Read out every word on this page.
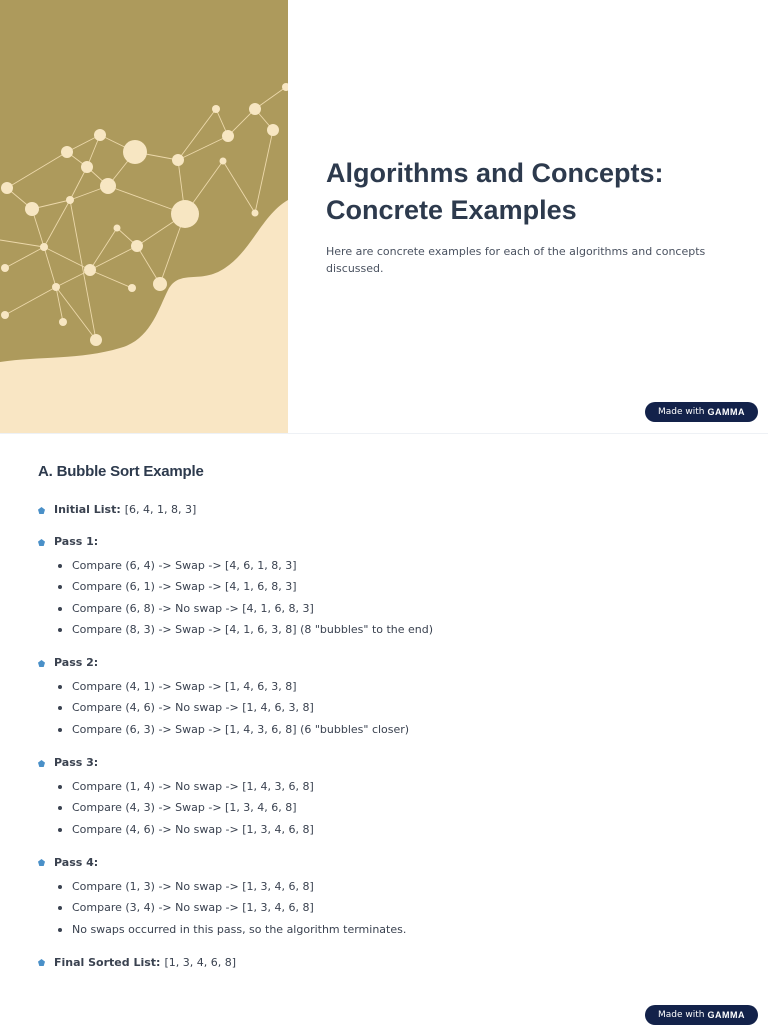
Algorithms and Concepts:
Concrete Examples

Here are concrete examples for each of the algorithms and concepts discussed.

Made with GAMMA
A. Bubble Sort Example
Initial List: [6, 4, 1, 8, 3]
Pass 1:
Compare (6, 4) -> Swap -> [4, 6, 1, 8, 3]
Compare (6, 1) -> Swap -> [4, 1, 6, 8, 3]
Compare (6, 8) -> No swap -> [4, 1, 6, 8, 3]
Compare (8, 3) -> Swap -> [4, 1, 6, 3, 8] (8 "bubbles" to the end)
Pass 2:
Compare (4, 1) -> Swap -> [1, 4, 6, 3, 8]
Compare (4, 6) -> No swap -> [1, 4, 6, 3, 8]
Compare (6, 3) -> Swap -> [1, 4, 3, 6, 8] (6 "bubbles" closer)
Pass 3:
Compare (1, 4) -> No swap -> [1, 4, 3, 6, 8]
Compare (4, 3) -> Swap -> [1, 3, 4, 6, 8]
Compare (4, 6) -> No swap -> [1, 3, 4, 6, 8]
Pass 4:
Compare (1, 3) -> No swap -> [1, 3, 4, 6, 8]
Compare (3, 4) -> No swap -> [1, 3, 4, 6, 8]
No swaps occurred in this pass, so the algorithm terminates.
Final Sorted List: [1, 3, 4, 6, 8]
Made with GAMMA
